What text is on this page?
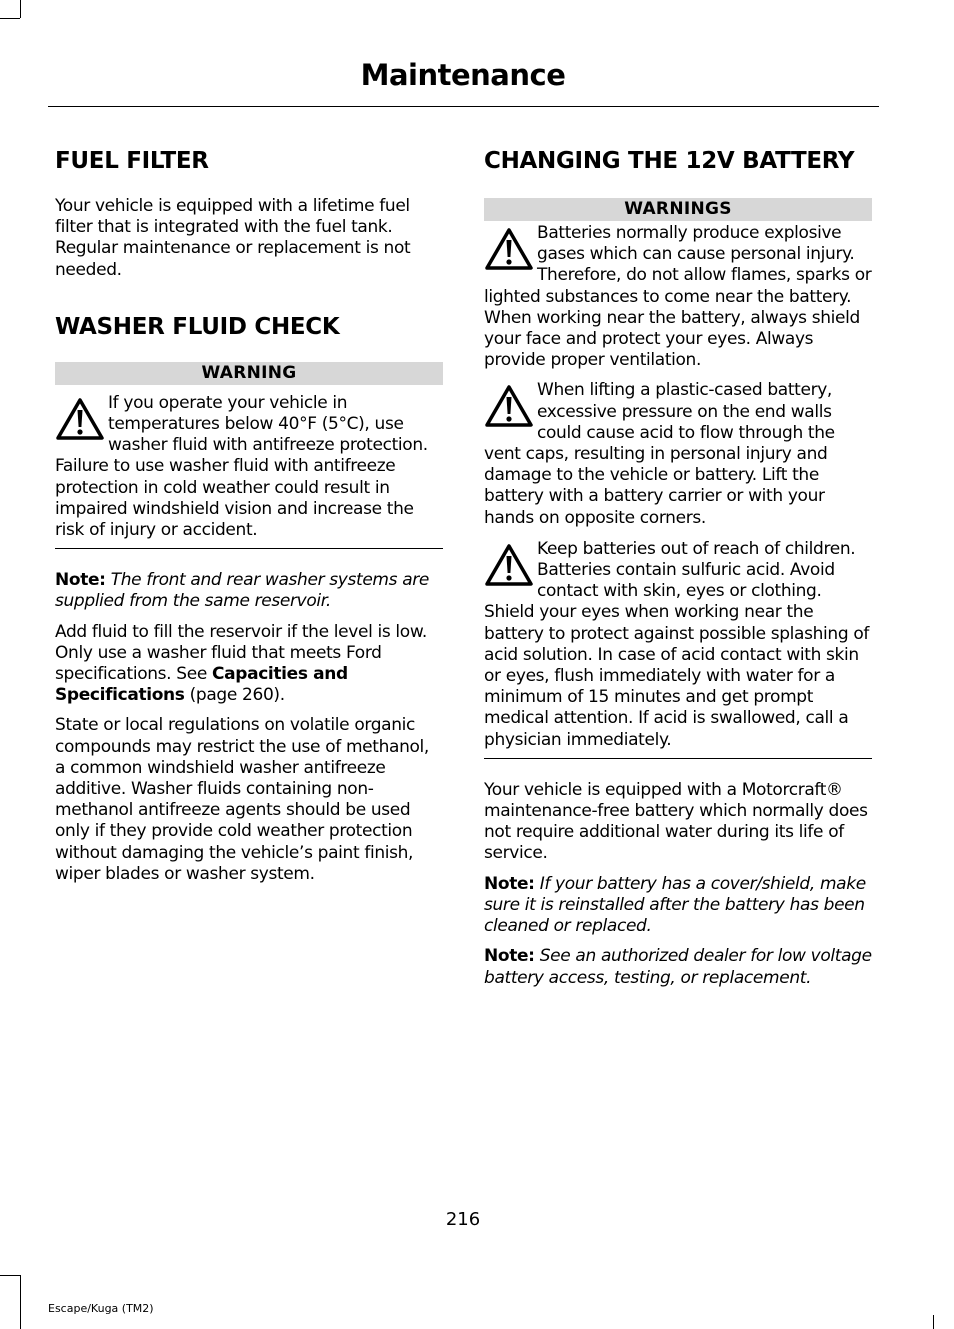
Maintenance
FUEL FILTER

Your vehicle is equipped with a lifetime fuel filter that is integrated with the fuel tank. Regular maintenance or replacement is not needed.

WASHER FLUID CHECK
WARNING

If you operate your vehicle in temperatures below 40°F (5°C), use washer fluid with antifreeze protection. Failure to use washer fluid with antifreeze protection in cold weather could result in impaired windshield vision and increase the risk of injury or accident.

Note: The front and rear washer systems are supplied from the same reservoir.

Add fluid to fill the reservoir if the level is low. Only use a washer fluid that meets Ford specifications. See Capacities and Specifications (page 260).

State or local regulations on volatile organic compounds may restrict the use of methanol, a common windshield washer antifreeze additive. Washer fluids containing non-methanol antifreeze agents should be used only if they provide cold weather protection without damaging the vehicle’s paint finish, wiper blades or washer system.

CHANGING THE 12V BATTERY
WARNINGS

Batteries normally produce explosive gases which can cause personal injury. Therefore, do not allow flames, sparks or lighted substances to come near the battery. When working near the battery, always shield your face and protect your eyes. Always provide proper ventilation.

When lifting a plastic-cased battery, excessive pressure on the end walls could cause acid to flow through the vent caps, resulting in personal injury and damage to the vehicle or battery. Lift the battery with a battery carrier or with your hands on opposite corners.

Keep batteries out of reach of children. Batteries contain sulfuric acid. Avoid contact with skin, eyes or clothing. Shield your eyes when working near the battery to protect against possible splashing of acid solution. In case of acid contact with skin or eyes, flush immediately with water for a minimum of 15 minutes and get prompt medical attention. If acid is swallowed, call a physician immediately.

Your vehicle is equipped with a Motorcraft® maintenance-free battery which normally does not require additional water during its life of service.

Note: If your battery has a cover/shield, make sure it is reinstalled after the battery has been cleaned or replaced.

Note: See an authorized dealer for low voltage battery access, testing, or replacement.

216
Escape/Kuga (TM2)
